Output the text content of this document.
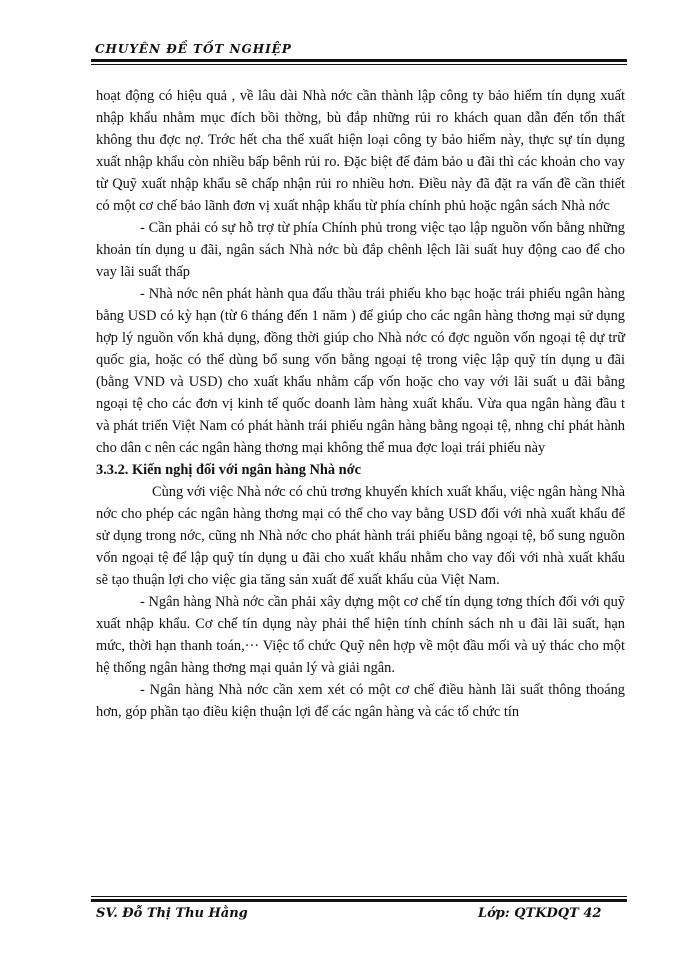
CHUYÊN ĐỀ TỐT NGHIỆP

hoạt động có hiệu quả , về lâu dài Nhà nớc cần thành lập công ty bảo hiểm tín dụng xuất nhập khẩu nhằm mục đích bồi thờng, bù đắp những rủi ro khách quan dẫn đến tổn thất không thu đợc nợ. Trớc hết cha thể xuất hiện loại công ty bảo hiểm này, thực sự tín dụng xuất nhập khẩu còn nhiều bấp bênh rủi ro. Đặc biệt để đảm bảo u đãi thì các khoản cho vay từ Quỹ xuất nhập khẩu sẽ chấp nhận rủi ro nhiều hơn. Điều này đã đặt ra vấn đề cần thiết có một cơ chế bảo lãnh đơn vị xuất nhập khẩu từ phía chính phủ hoặc ngân sách Nhà nớc

- Cần phải có sự hỗ trợ từ phía Chính phủ trong việc tạo lập nguồn vốn bằng những khoản tín dụng u đãi, ngân sách Nhà nớc bù đắp chênh lệch lãi suất huy động cao để cho vay lãi suất thấp

- Nhà nớc nên phát hành qua đấu thầu trái phiếu kho bạc hoặc trái phiếu ngân hàng bằng USD có kỳ hạn (từ 6 tháng đến 1 năm ) để giúp cho các ngân hàng thơng mại sử dụng hợp lý nguồn vốn khả dụng, đồng thời giúp cho Nhà nớc có đợc nguồn vốn ngoại tệ dự trữ quốc gia, hoặc có thể dùng bổ sung vốn bằng ngoại tệ trong việc lập quỹ tín dụng u đãi (bằng VND và USD) cho xuất khẩu nhằm cấp vốn hoặc cho vay với lãi suất u đãi bằng ngoại tệ cho các đơn vị kinh tế quốc doanh làm hàng xuất khẩu. Vừa qua ngân hàng đầu t và phát triển Việt Nam có phát hành trái phiếu ngân hàng bằng ngoại tệ, nhng chỉ phát hành cho dân c nên các ngân hàng thơng mại không thể mua đợc loại trái phiếu này

3.3.2. Kiến nghị đối với ngân hàng Nhà nớc

Cùng với việc Nhà nớc có chủ trơng khuyến khích xuất khẩu, việc ngân hàng Nhà nớc cho phép các ngân hàng thơng mại có thể cho vay bằng USD đối với nhà xuất khẩu để sử dụng trong nớc, cũng nh Nhà nớc cho phát hành trái phiếu bằng ngoại tệ, bổ sung nguồn vốn ngoại tệ để lập quỹ tín dụng u đãi cho xuất khẩu nhằm cho vay đối với nhà xuất khẩu sẽ tạo thuận lợi cho việc gia tăng sản xuất để xuất khẩu của Việt Nam.

- Ngân hàng Nhà nớc cần phải xây dựng một cơ chế tín dụng tơng thích đối với quỹ xuất nhập khẩu. Cơ chế tín dụng này phải thể hiện tính chính sách nh u đãi lãi suất, hạn mức, thời hạn thanh toán,··· Việc tổ chức Quỹ nên hợp về một đầu mối và uỷ thác cho một hệ thống ngân hàng thơng mại quản lý và giải ngân.

- Ngân hàng Nhà nớc cần xem xét có một cơ chế điều hành lãi suất thông thoáng hơn, góp phần tạo điều kiện thuận lợi để các ngân hàng và các tổ chức tín

SV. Đỗ Thị Thu Hằng	Lớp: QTKDQT 42
